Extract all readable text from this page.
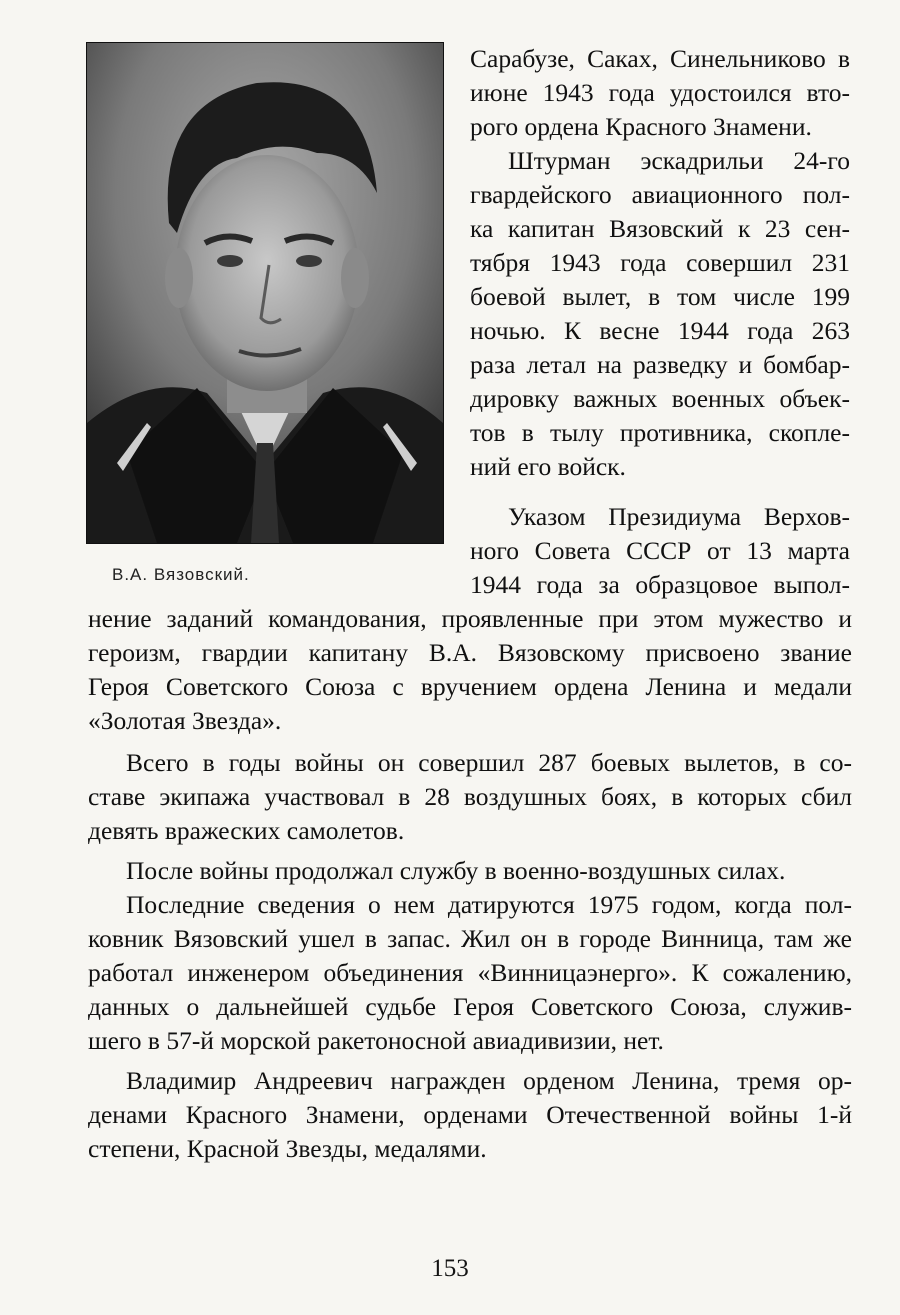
В.А. Вязовский.
Сарабузе, Саках, Синельниково в
июне 1943 года удостоился вто-
рого ордена Красного Знамени.
Штурман эскадрильи 24-го
гвардейского авиационного пол-
ка капитан Вязовский к 23 сен-
тября 1943 года совершил 231
боевой вылет, в том числе 199
ночью. К весне 1944 года 263
раза летал на разведку и бомбар-
дировку важных военных объек-
тов в тылу противника, скопле-
ний его войск.
Указом Президиума Верхов-
ного Совета СССР от 13 марта
1944 года за образцовое выпол-
нение заданий командования, проявленные при этом мужество и
героизм, гвардии капитану В.А. Вязовскому присвоено звание
Героя Советского Союза с вручением ордена Ленина и медали
«Золотая Звезда».
Всего в годы войны он совершил 287 боевых вылетов, в со-
ставе экипажа участвовал в 28 воздушных боях, в которых сбил
девять вражеских самолетов.
После войны продолжал службу в военно-воздушных силах.
Последние сведения о нем датируются 1975 годом, когда пол-
ковник Вязовский ушел в запас. Жил он в городе Винница, там же
работал инженером объединения «Винницаэнерго». К сожалению,
данных о дальнейшей судьбе Героя Советского Союза, служив-
шего в 57-й морской ракетоносной авиадивизии, нет.
Владимир Андреевич награжден орденом Ленина, тремя ор-
денами Красного Знамени, орденами Отечественной войны 1-й
степени, Красной Звезды, медалями.
153
